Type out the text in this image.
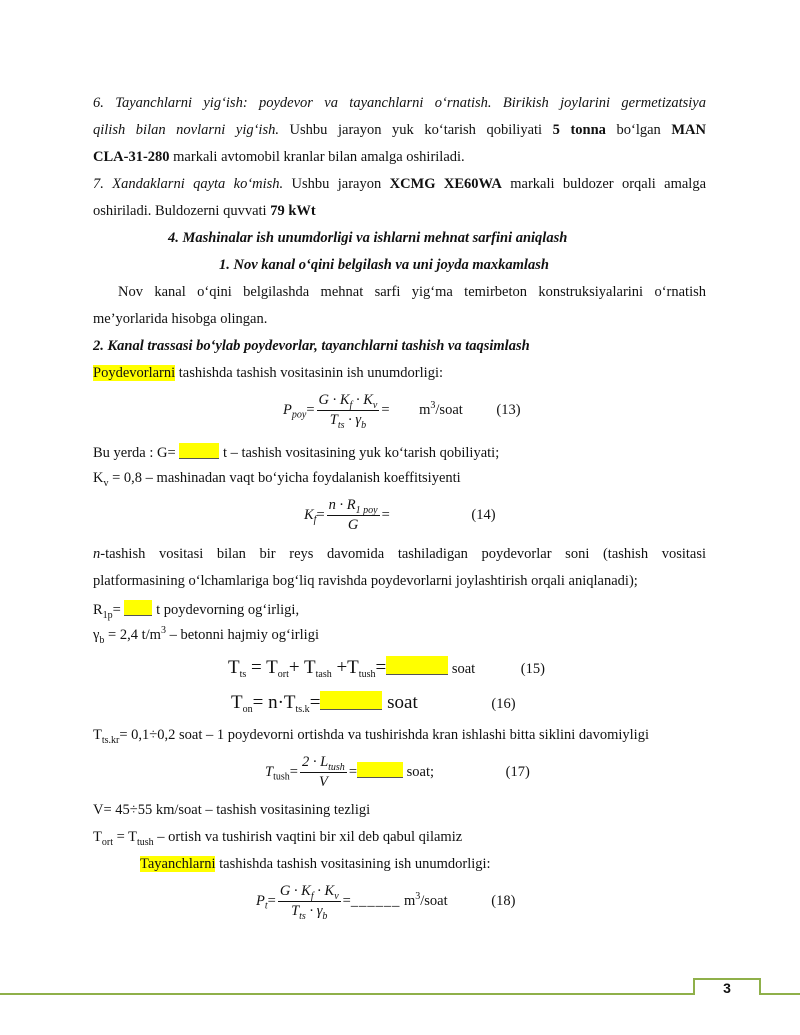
6. Tayanchlarni yig‘ish: poydevor va tayanchlarni o‘rnatish. Birikish joylarini germetizatsiya
qilish bilan novlarni yig‘ish. Ushbu jarayon yuk ko‘tarish qobiliyati 5 tonna bo‘lgan MAN
CLA-31-280 markali avtomobil kranlar bilan amalga oshiriladi.
7. Xandaklarni qayta ko‘mish. Ushbu jarayon XCMG XE60WA markali buldozer orqali amalga
oshiriladi. Buldozerni quvvati 79 kWt
4. Mashinalar ish unumdorligi va ishlarni mehnat sarfini aniqlash
1. Nov kanal o‘qini belgilash va uni joyda maxkamlash
Nov kanal o‘qini belgilashda mehnat sarfi yig‘ma temirbeton konstruksiyalarini o‘rnatish
me’yorlarida hisobga olingan.
2. Kanal trassasi bo‘ylab poydevorlar, tayanchlarni tashish va taqsimlash
Poydevorlarni tashishda tashish vositasinin ish unumdorligi:
$P_{poy}= \frac{G \cdot K_f \cdot K_v}{T_{ts} \cdot \gamma_b}$ = $m^3$/soat (13)
Bu yerda : G=	t – tashish vositasining yuk ko‘tarish qobiliyati;
$K_v = 0,8$ – mashinadan vaqt bo‘yicha foydalanish koeffitsiyenti
$K_f= \frac{n \cdot R_{1 poy}}{G}$ =	(14)
n-tashish vositasi bilan bir reys davomida tashiladigan poydevorlar soni (tashish vositasi
platformasining o‘lchamlariga bog‘liq ravishda poydevorlarni joylashtirish orqali aniqlanadi);
$R_{1p}= t$ poydevorning og‘irligi,
$\gamma_b = 2,4$ $t/m^3$ – betonni hajmiy og‘irligi
$T_{ts} = T_{ort}+ T_{tash} +T_{tush}=$	soat	(15)
$T_{on}= n\cdot T_{ts.k}=$	soat	(16)
$T_{ts.kr}= 0,1\div 0,2$ soat – 1 poydevorni ortishda va tushirishda kran ishlashi bitta siklini davomiyligi
$T_{tush}= \frac{2 \cdot L_{tush}}{V}$ =	soat;	(17)
V= 45÷55 km/soat – tashish vositasining tezligi
$T_{ort} = T_{tush}$ – ortish va tushirish vaqtini bir xil deb qabul qilamiz
Tayanchlarni tashishda tashish vositasining ish unumdorligi:
$P_t= \frac{G \cdot K_f \cdot K_v}{T_{ts} \cdot \gamma_b}$ =______ $m^3$/soat	(18)
3
